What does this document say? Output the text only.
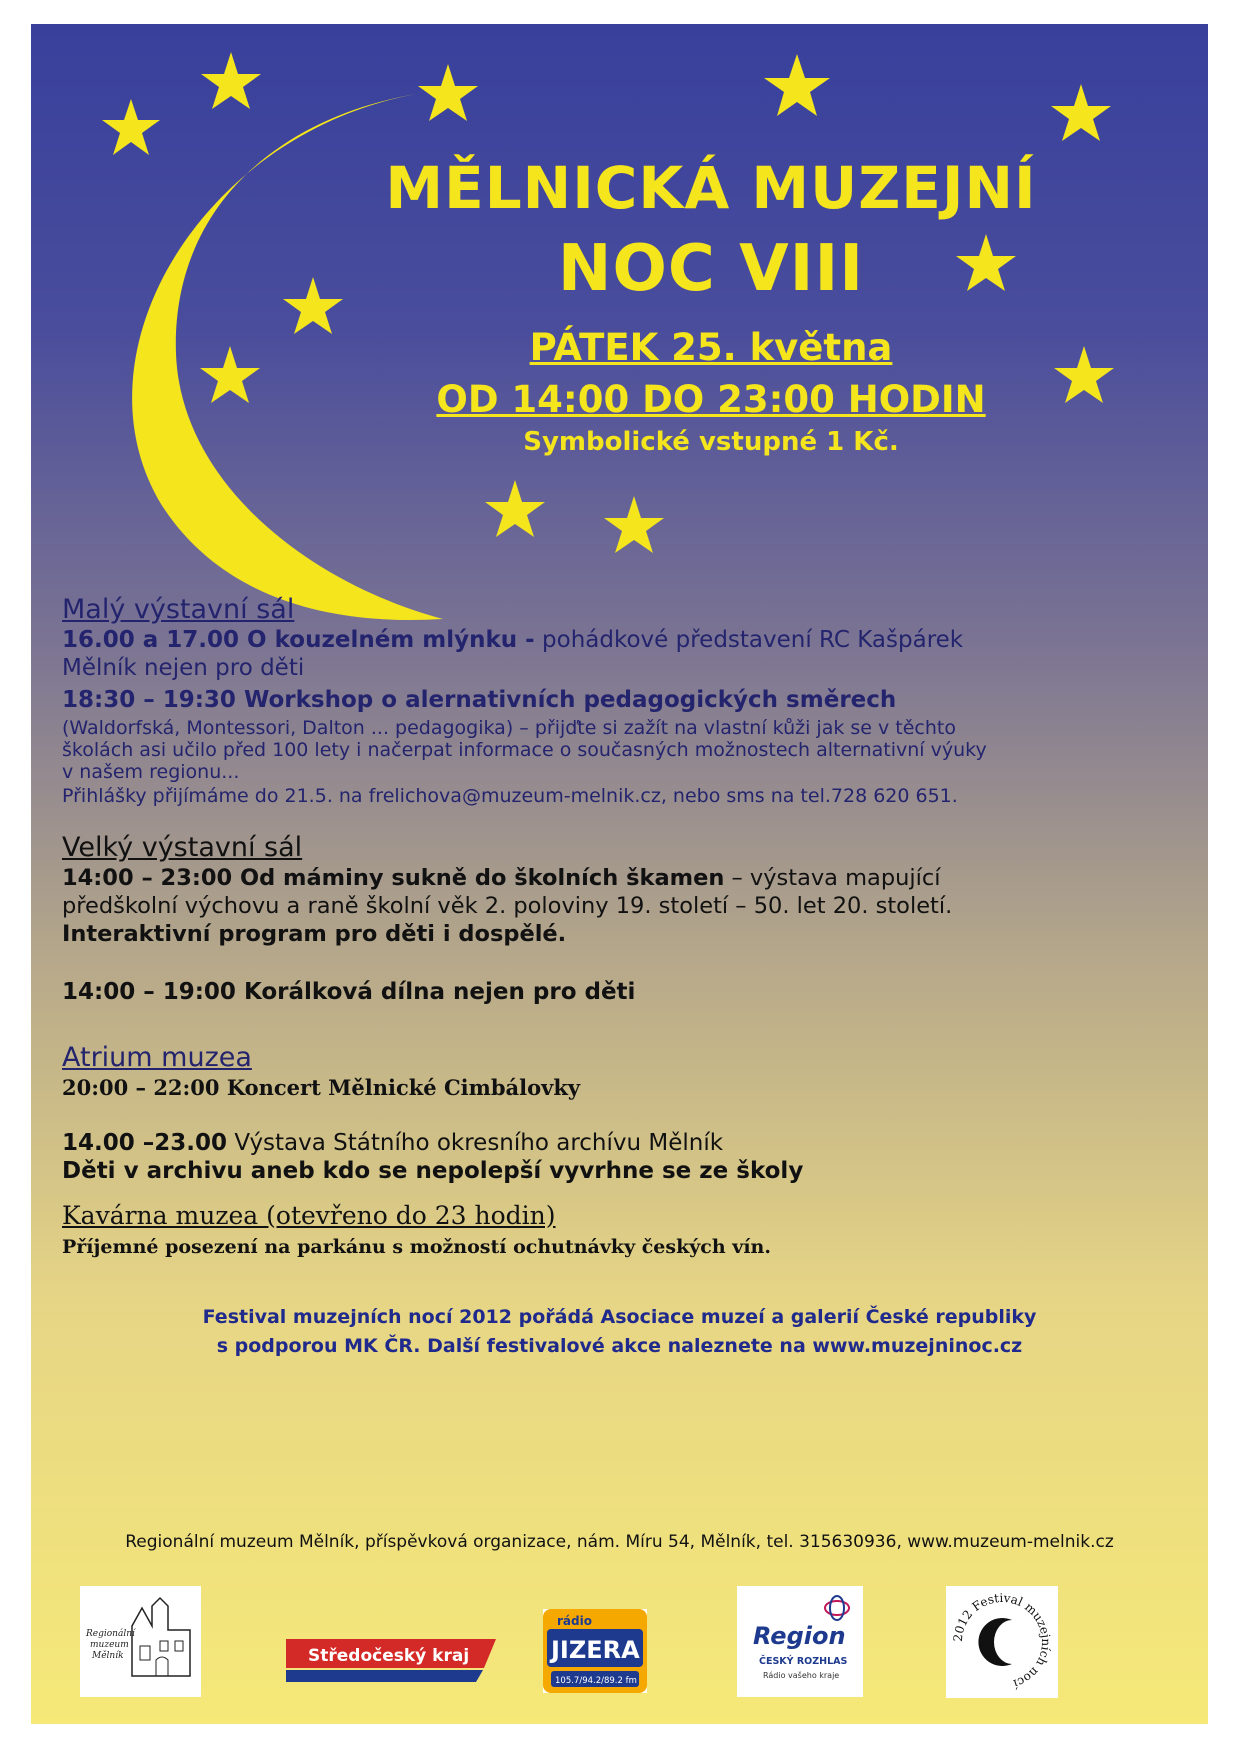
MĚLNICKÁ MUZEJNÍ
NOC VIII
PÁTEK 25. května
OD 14:00 DO 23:00 HODIN
Symbolické vstupné 1 Kč.
Malý výstavní sál
16.00 a 17.00 O kouzelném mlýnku - pohádkové představení RC Kašpárek
Mělník nejen pro děti
18:30 – 19:30 Workshop o alernativních pedagogických směrech
(Waldorfská, Montessori, Dalton ... pedagogika) – přijďte si zažít na vlastní kůži jak se v těchto
školách asi učilo před 100 lety i načerpat informace o současných možnostech alternativní výuky
v našem regionu...
Přihlášky přijímáme do 21.5. na frelichova@muzeum-melnik.cz, nebo sms na tel.728 620 651.
Velký výstavní sál
14:00 – 23:00 Od máminy sukně do školních škamen – výstava mapující
předškolní výchovu a raně školní věk 2. poloviny 19. století – 50. let 20. století.
Interaktivní program pro děti i dospělé.
14:00 – 19:00 Korálková dílna nejen pro děti
Atrium muzea
20:00 – 22:00 Koncert Mělnické Cimbálovky
14.00 –23.00 Výstava Státního okresního archívu Mělník
Děti v archivu aneb kdo se nepolepší vyvrhne se ze školy
Kavárna muzea (otevřeno do 23 hodin)
Příjemné posezení na parkánu s možností ochutnávky českých vín.
Festival muzejních nocí 2012 pořádá Asociace muzeí a galerií České republiky
s podporou MK ČR. Další festivalové akce naleznete na www.muzejninoc.cz
Regionální muzeum Mělník, příspěvková organizace, nám. Míru 54, Mělník, tel. 315630936, www.muzeum-melnik.cz
Regionální
muzeum
Mělník	Středočeský kraj
rádio
JIZERA
105.7/94.2/89.2 fm
Region
ČESKÝ ROZHLAS
Rádio vašeho kraje
2012 Festival muzejních nocí
